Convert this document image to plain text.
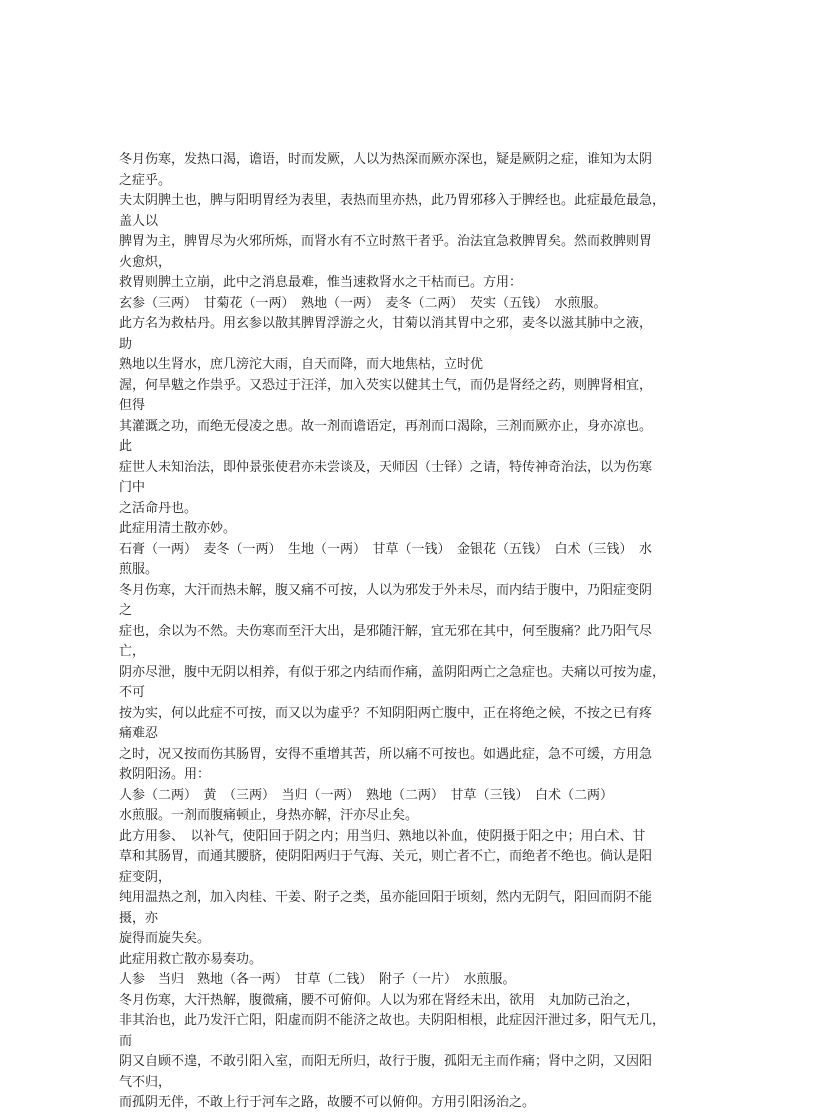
冬月伤寒，发热口渴，谵语，时而发厥，人以为热深而厥亦深也，疑是厥阴之症，谁知为太阴
之症乎。
夫太阴脾土也，脾与阳明胃经为表里，表热而里亦热，此乃胃邪移入于脾经也。此症最危最急，
盖人以
脾胃为主，脾胃尽为火邪所烁，而肾水有不立时熬干者乎。治法宜急救脾胃矣。然而救脾则胃
火愈炽，
救胃则脾土立崩，此中之消息最难，惟当速救肾水之干枯而已。方用：
玄参（三两）　甘菊花（一两）　熟地（一两）　麦冬（二两）　芡实（五钱）　水煎服。
此方名为救枯丹。用玄参以散其脾胃浮游之火，甘菊以消其胃中之邪，麦冬以滋其肺中之液，
助
熟地以生肾水，庶几滂沱大雨，自天而降，而大地焦枯，立时优
渥，何旱魃之作祟乎。又恐过于汪洋，加入芡实以健其土气，而仍是肾经之药，则脾肾相宜，
但得
其灌溉之功，而绝无侵凌之患。故一剂而谵语定，再剂而口渴除，三剂而厥亦止，身亦凉也。
此
症世人未知治法，即仲景张使君亦未尝谈及，天师因（士铎）之请，特传神奇治法，以为伤寒
门中
之活命丹也。
此症用清土散亦妙。
石膏（一两）　麦冬（一两）　生地（一两）　甘草（一钱）　金银花（五钱）　白术（三钱）　水
煎服。
冬月伤寒，大汗而热未解，腹又痛不可按，人以为邪发于外未尽，而内结于腹中，乃阳症变阴
之
症也，余以为不然。夫伤寒而至汗大出，是邪随汗解，宜无邪在其中，何至腹痛？此乃阳气尽
亡，
阴亦尽泄，腹中无阴以相养，有似于邪之内结而作痛，盖阴阳两亡之急症也。夫痛以可按为虚，
不可
按为实，何以此症不可按，而又以为虚乎？不知阴阳两亡腹中，正在将绝之候，不按之已有疼
痛难忍
之时，况又按而伤其肠胃，安得不重增其苦，所以痛不可按也。如遇此症，急不可缓，方用急
救阴阳汤。用：
人参（二两）　黄　（三两）　当归（一两）　熟地（二两）　甘草（三钱）　白术（二两）
水煎服。一剂而腹痛顿止，身热亦解，汗亦尽止矣。
此方用参、　以补气，使阳回于阴之内；用当归、熟地以补血，使阴摄于阳之中；用白术、甘
草和其肠胃，而通其腰脐，使阴阳两归于气海、关元，则亡者不亡，而绝者不绝也。倘认是阳
症变阴，
纯用温热之剂，加入肉桂、干姜、附子之类，虽亦能回阳于顷刻，然内无阴气，阳回而阴不能
摄，亦
旋得而旋失矣。
此症用救亡散亦易奏功。
人参　当归　熟地（各一两）　甘草（二钱）　附子（一片）　水煎服。
冬月伤寒，大汗热解，腹微痛，腰不可俯仰。人以为邪在肾经未出，欲用　丸加防己治之，
非其治也，此乃发汗亡阳，阳虚而阴不能济之故也。夫阴阳相根，此症因汗泄过多，阳气无几，
而
阴又自顾不遑，不敢引阳入室，而阳无所归，故行于腹，孤阳无主而作痛；肾中之阴，又因阳
气不归，
而孤阴无伴，不敢上行于河车之路，故腰不可以俯仰。方用引阳汤治之。
